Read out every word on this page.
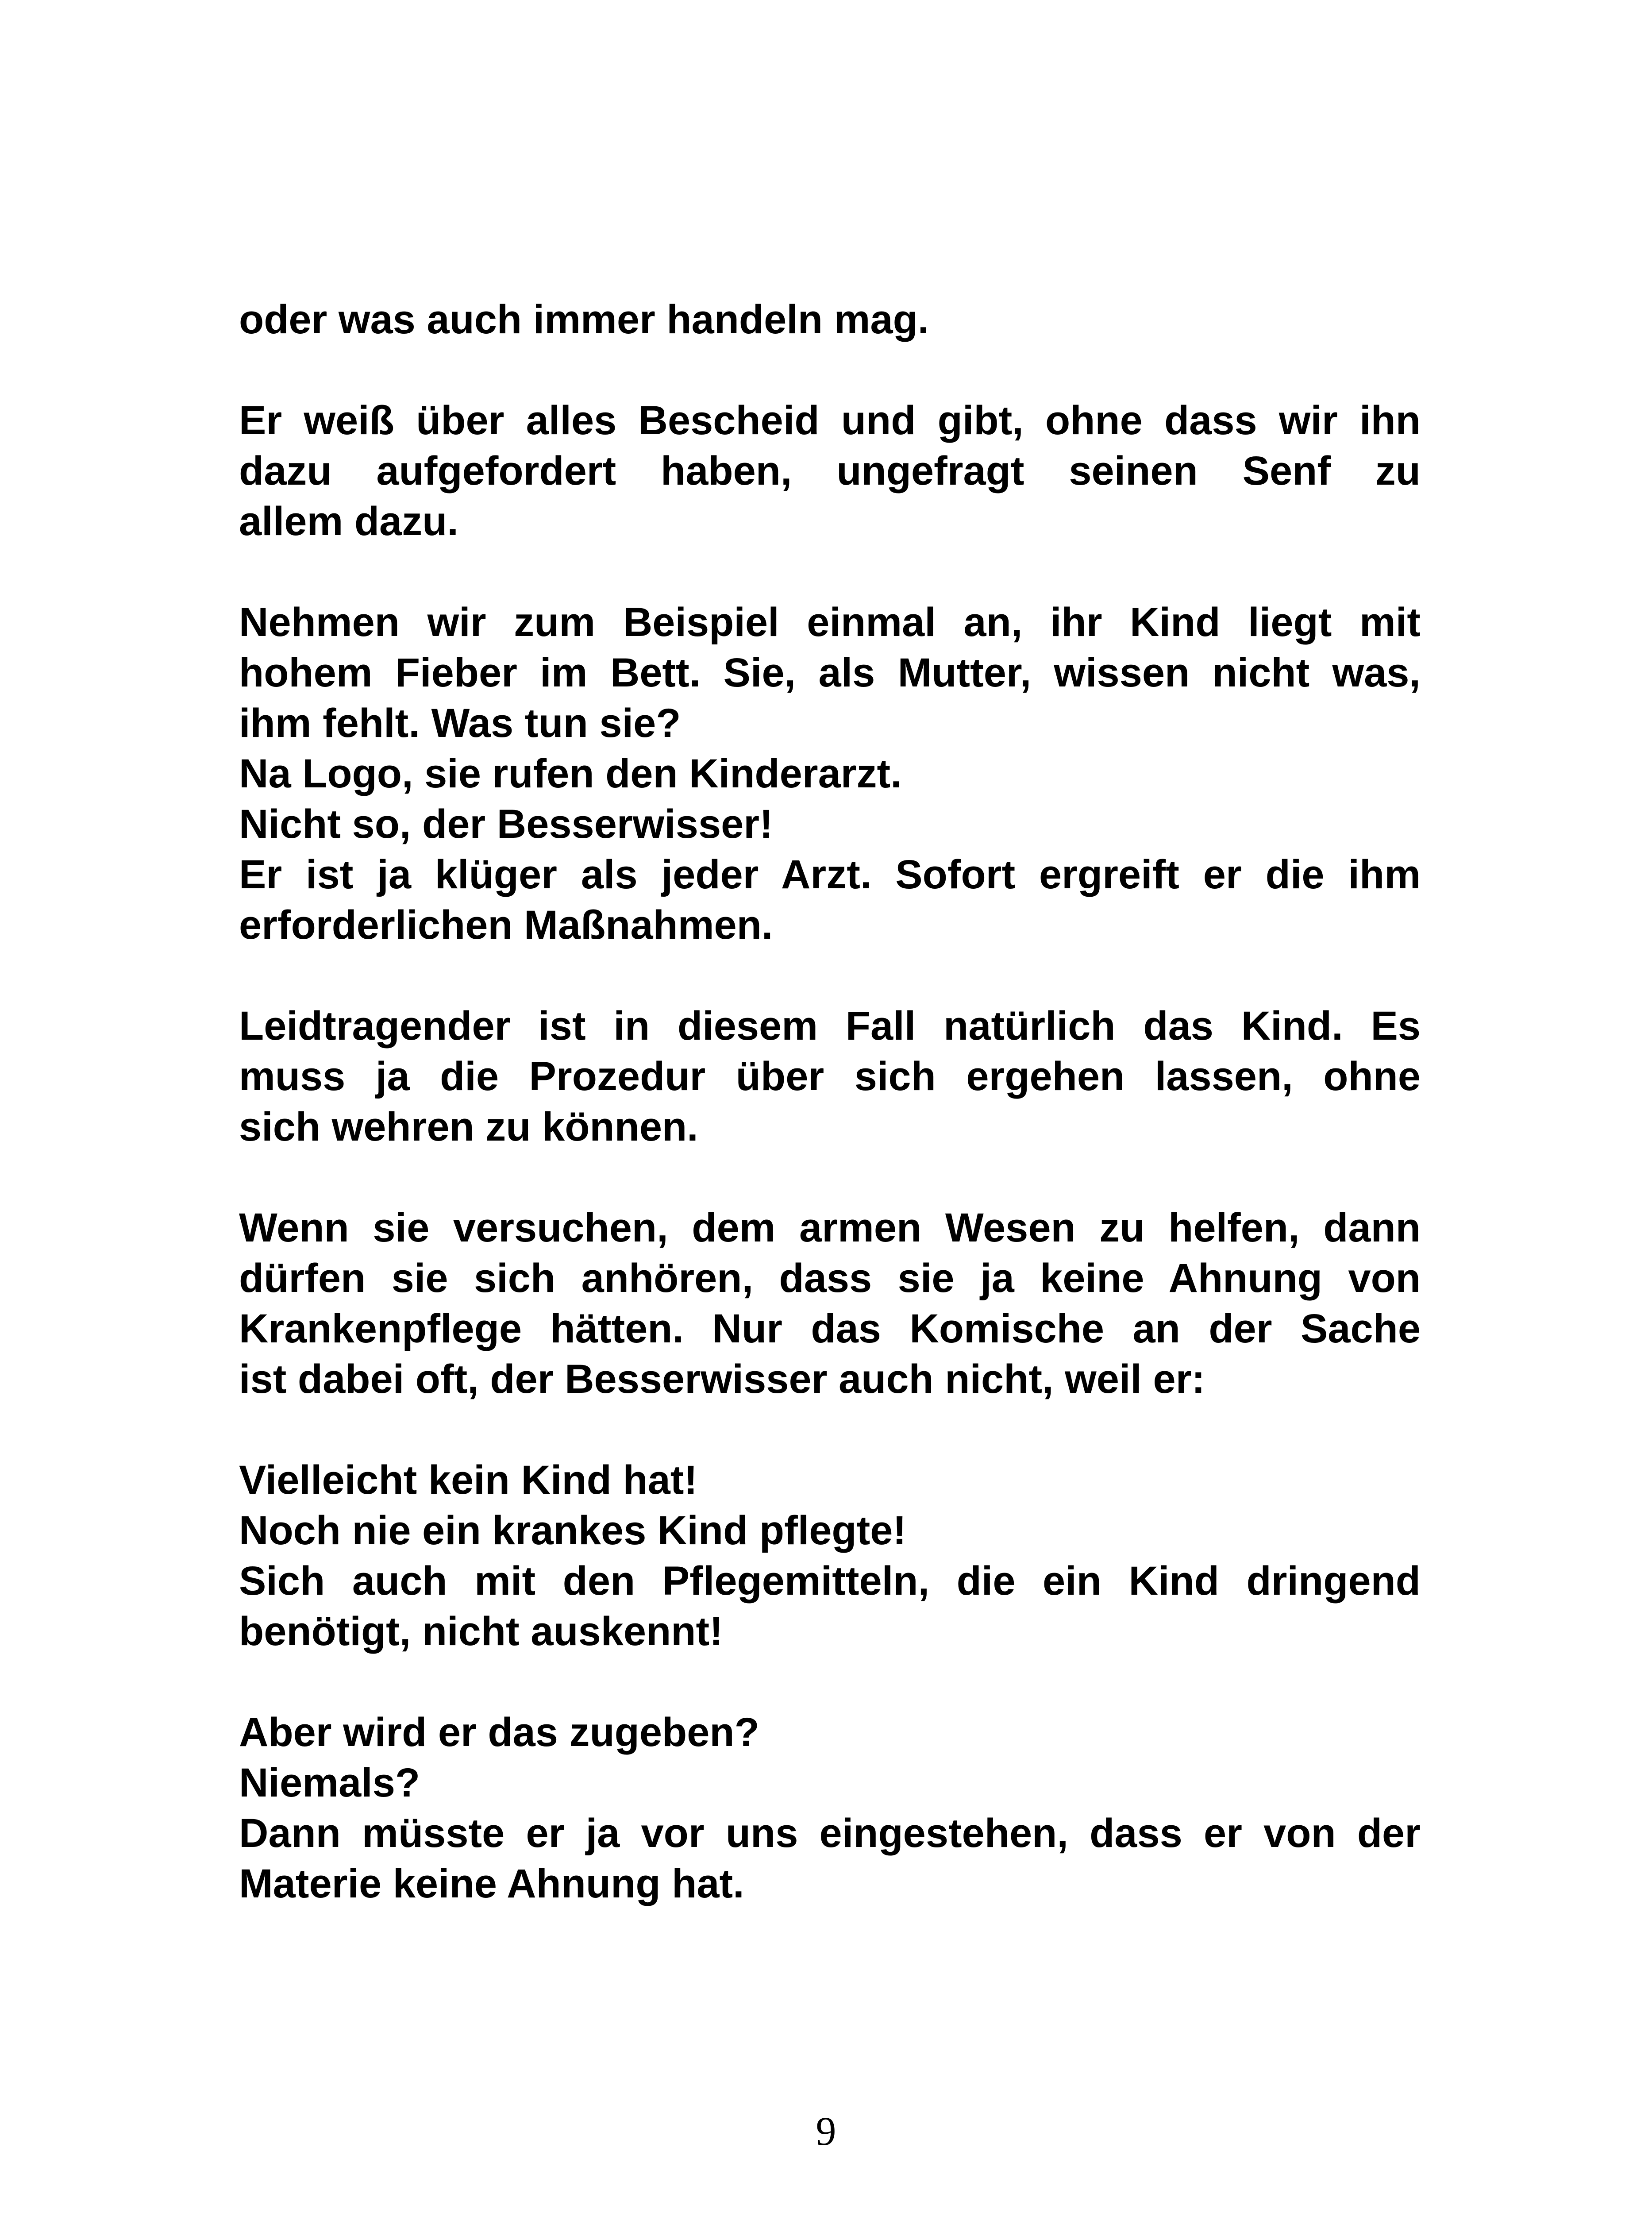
oder was auch immer handeln mag.
Er weiß über alles Bescheid und gibt, ohne dass wir ihn
dazu aufgefordert haben, ungefragt seinen Senf zu
allem dazu.
Nehmen wir zum Beispiel einmal an, ihr Kind liegt mit
hohem Fieber im Bett. Sie, als Mutter, wissen nicht was,
ihm fehlt. Was tun sie?
Na Logo, sie rufen den Kinderarzt.
Nicht so, der Besserwisser!
Er ist ja klüger als jeder Arzt. Sofort ergreift er die ihm
erforderlichen Maßnahmen.
Leidtragender ist in diesem Fall natürlich das Kind. Es
muss ja die Prozedur über sich ergehen lassen, ohne
sich wehren zu können.
Wenn sie versuchen, dem armen Wesen zu helfen, dann
dürfen sie sich anhören, dass sie ja keine Ahnung von
Krankenpflege hätten. Nur das Komische an der Sache
ist dabei oft, der Besserwisser auch nicht, weil er:
Vielleicht kein Kind hat!
Noch nie ein krankes Kind pflegte!
Sich auch mit den Pflegemitteln, die ein Kind dringend
benötigt, nicht auskennt!
Aber wird er das zugeben?
Niemals?
Dann müsste er ja vor uns eingestehen, dass er von der
Materie keine Ahnung hat.
9
